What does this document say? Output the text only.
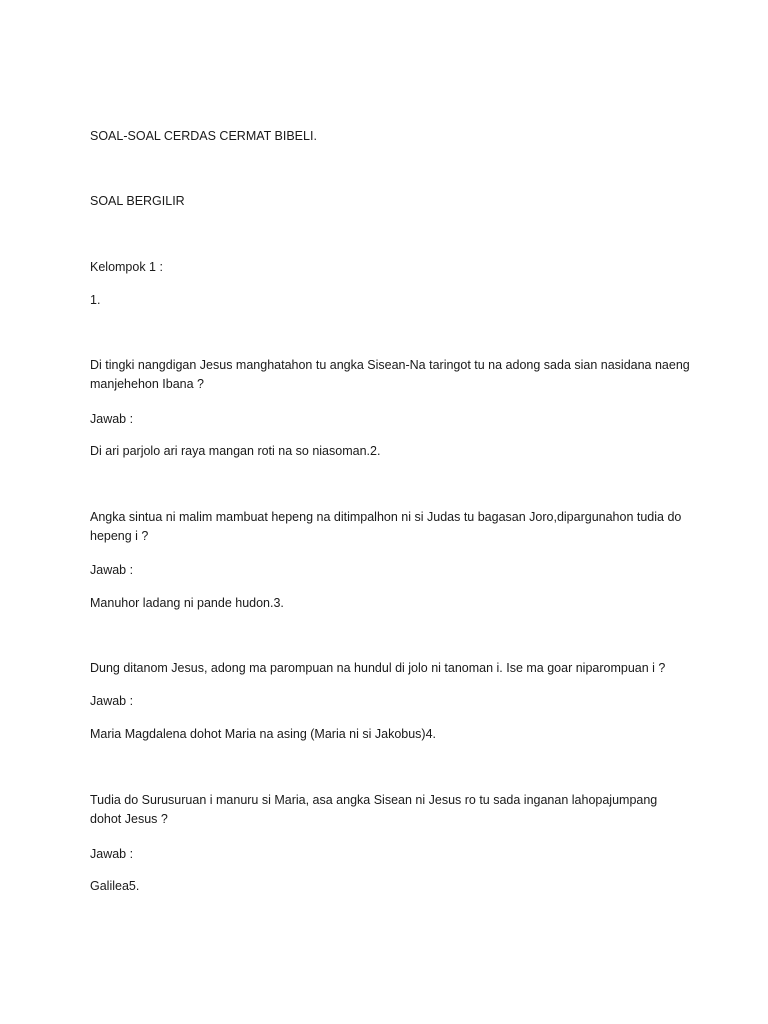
SOAL-SOAL CERDAS CERMAT BIBELI.
SOAL BERGILIR
Kelompok 1 :
1.
Di tingki nangdigan Jesus manghatahon tu angka Sisean-Na taringot tu na adong sada sian nasidana naeng manjehehon Ibana ?
Jawab :
Di ari parjolo ari raya mangan roti na so niasoman.2.
Angka sintua ni malim mambuat hepeng na ditimpalhon ni si Judas tu bagasan Joro,dipargunahon tudia do hepeng i ?
Jawab :
Manuhor ladang ni pande hudon.3.
Dung ditanom Jesus, adong ma parompuan na hundul di jolo ni tanoman i. Ise ma goar niparompuan i ?
Jawab :
Maria Magdalena dohot Maria na asing (Maria ni si Jakobus)4.
Tudia do Surusuruan i manuru si Maria, asa angka Sisean ni Jesus ro tu sada inganan lahopajumpang dohot Jesus ?
Jawab :
Galilea5.
